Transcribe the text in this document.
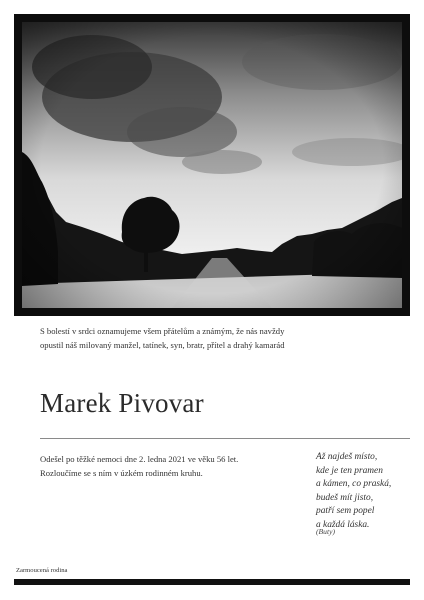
S bolestí v srdci oznamujeme všem přátelům a známým, že nás navždy
opustil náš milovaný manžel, tatínek, syn, bratr, přítel a drahý kamarád
Marek Pivovar
Odešel po těžké nemoci dne 2. ledna 2021 ve věku 56 let.
Rozloučíme se s ním v úzkém rodinném kruhu.
Až najdeš místo,
kde je ten pramen
a kámen, co praská,
budeš mít jisto,
patří sem popel
a každá láska.
(Buty)
Zarmoucená rodina
